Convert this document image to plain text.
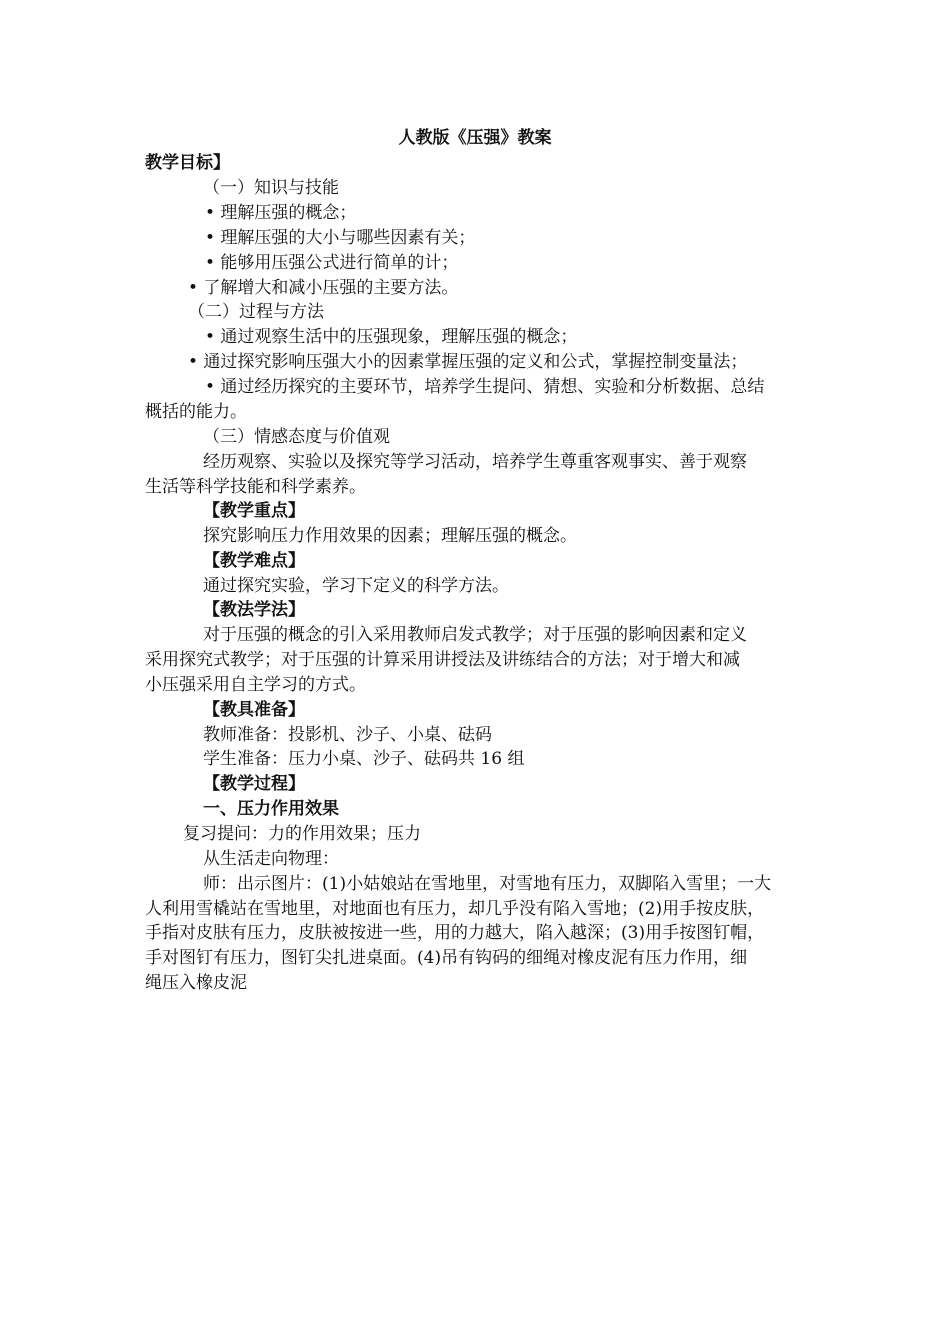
人教版《压强》教案
教学目标】
（一）知识与技能
• 理解压强的概念；
• 理解压强的大小与哪些因素有关；
• 能够用压强公式进行简单的计；
• 了解增大和减小压强的主要方法。
（二）过程与方法
• 通过观察生活中的压强现象，理解压强的概念；
• 通过探究影响压强大小的因素掌握压强的定义和公式，掌握控制变量法；
• 通过经历探究的主要环节，培养学生提问、猜想、实验和分析数据、总结
概括的能力。
（三）情感态度与价值观
经历观察、实验以及探究等学习活动，培养学生尊重客观事实、善于观察
生活等科学技能和科学素养。
【教学重点】
探究影响压力作用效果的因素；理解压强的概念。
【教学难点】
通过探究实验，学习下定义的科学方法。
【教法学法】
对于压强的概念的引入采用教师启发式教学；对于压强的影响因素和定义
采用探究式教学；对于压强的计算采用讲授法及讲练结合的方法；对于增大和减
小压强采用自主学习的方式。
【教具准备】
教师准备：投影机、沙子、小桌、砝码
学生准备：压力小桌、沙子、砝码共 16 组
【教学过程】
一、压力作用效果
复习提问：力的作用效果；压力
从生活走向物理：
师：出示图片：(1)小姑娘站在雪地里，对雪地有压力，双脚陷入雪里；一大
人利用雪橇站在雪地里，对地面也有压力，却几乎没有陷入雪地；(2)用手按皮肤，
手指对皮肤有压力，皮肤被按进一些，用的力越大，陷入越深；(3)用手按图钉帽，
手对图钉有压力，图钉尖扎进桌面。(4)吊有钩码的细绳对橡皮泥有压力作用，细
绳压入橡皮泥
